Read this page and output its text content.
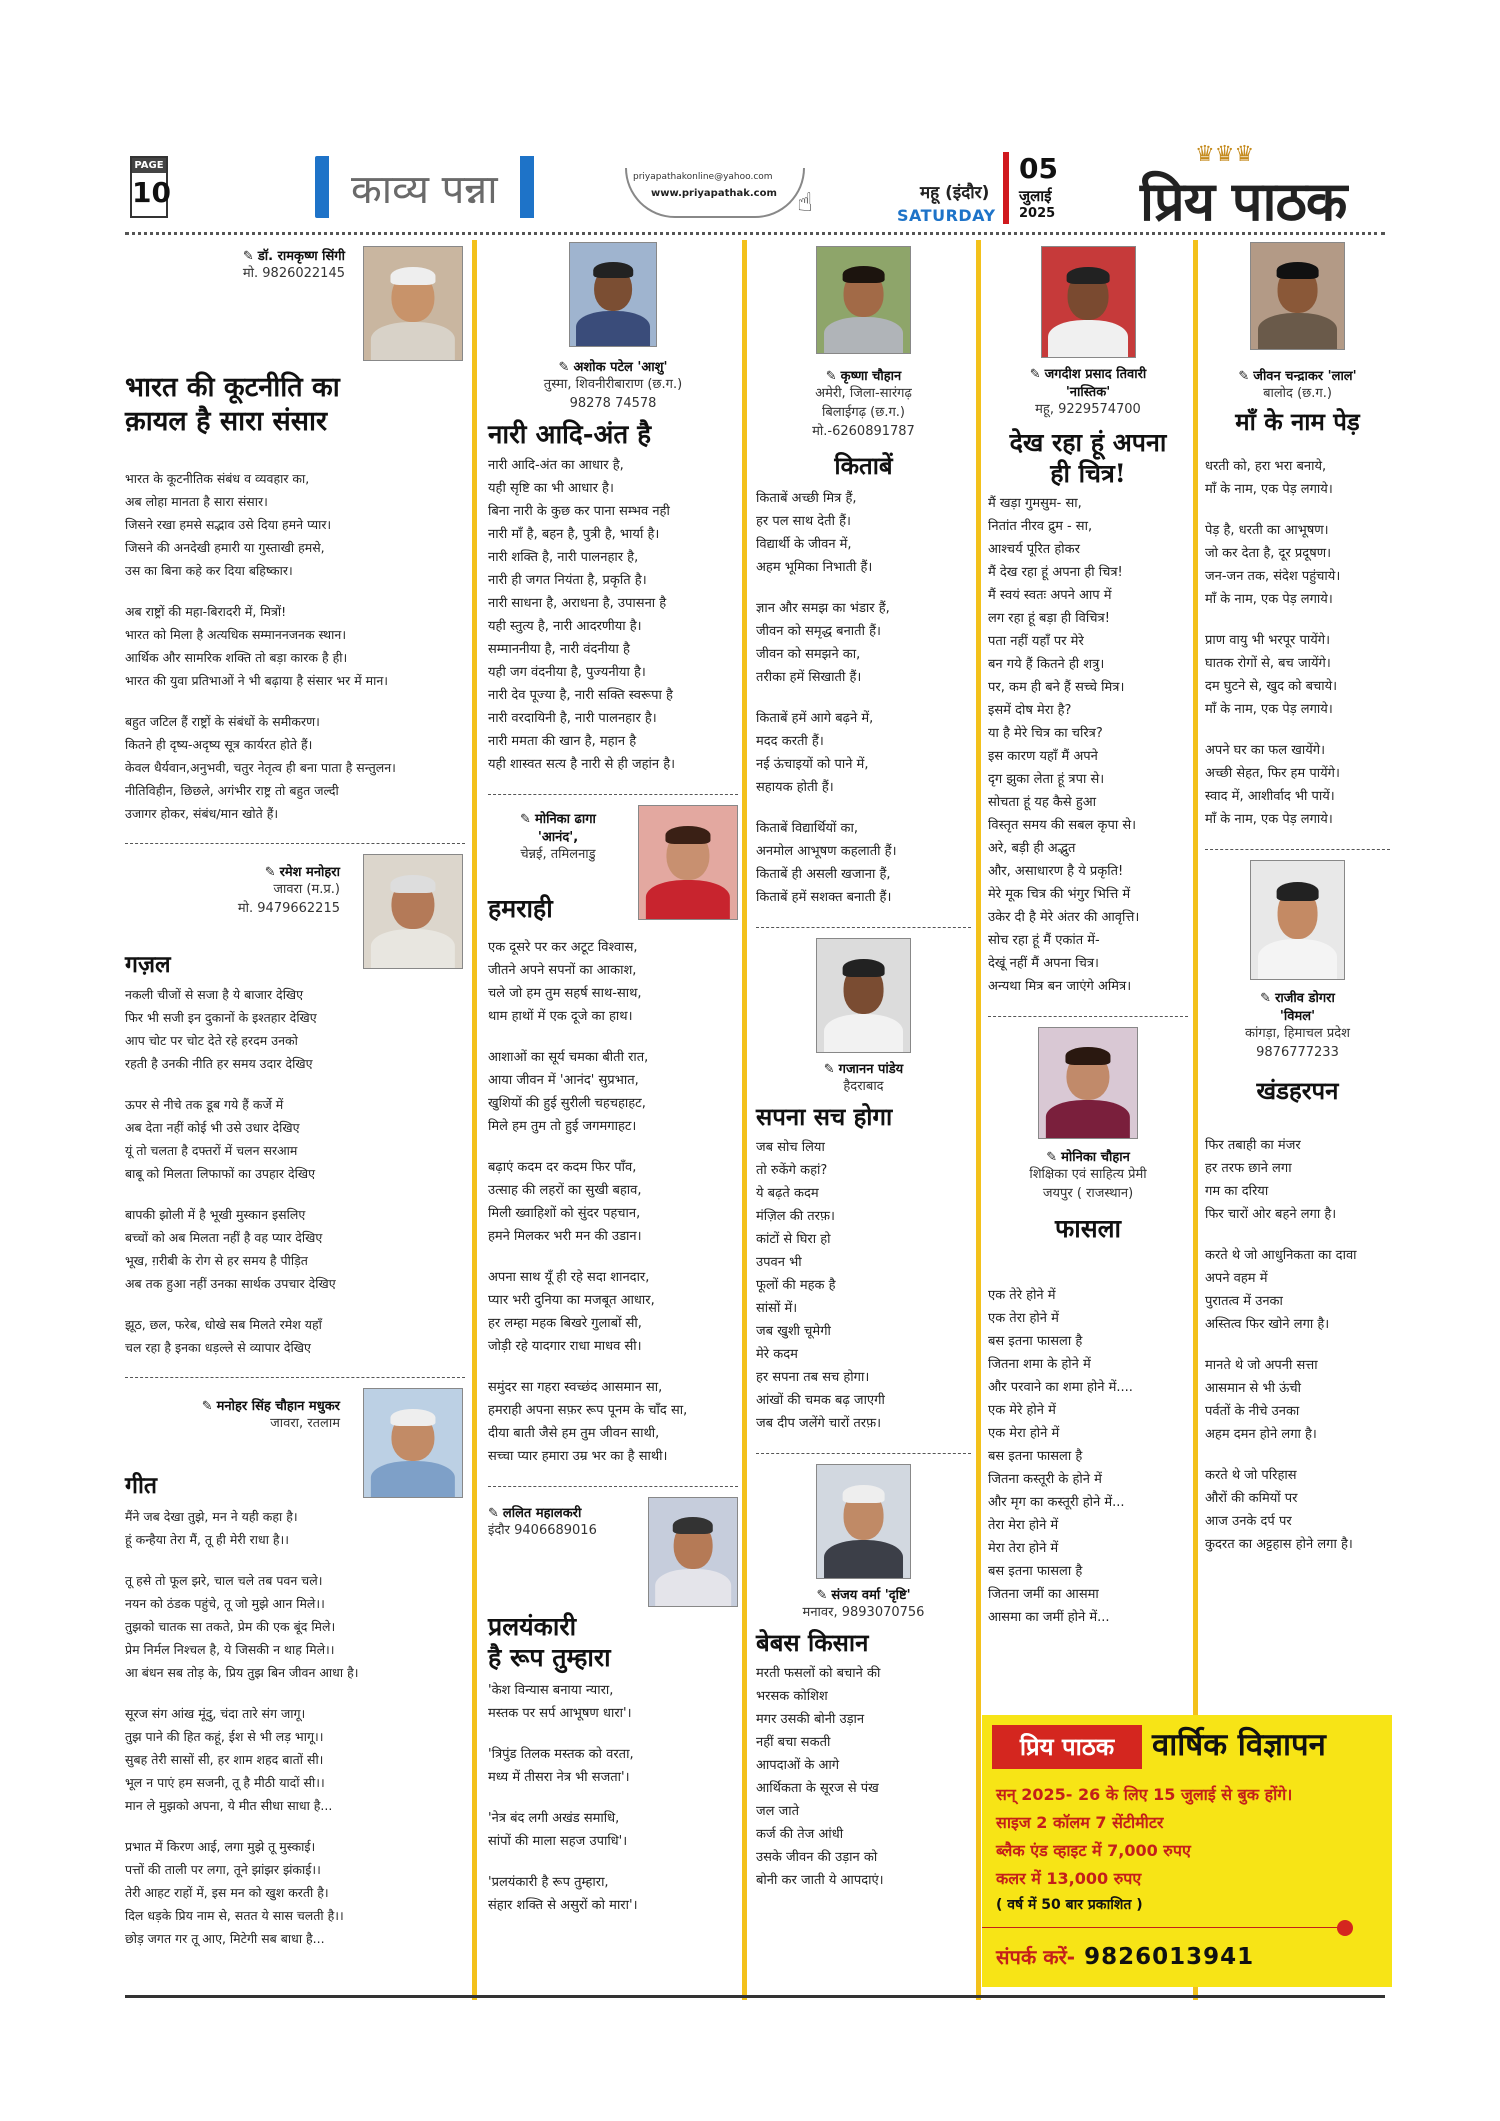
PAGE
10	काव्य पन्ना	priyapathakonline@yahoo.com
www.priyapathak.com ☝	महू (इंदौर)
SATURDAY
05
जुलाई
2025
♛♛♛
प्रिय पाठक
✎ डॉ. रामकृष्ण सिंगी
मो. 9826022145
भारत की कूटनीति का
क़ायल है सारा संसार
भारत के कूटनीतिक संबंध व व्यवहार का,
अब लोहा मानता है सारा संसार।
जिसने रखा हमसे सद्भाव उसे दिया हमने प्यार।
जिसने की अनदेखी हमारी या गुस्ताखी हमसे,
उस का बिना कहे कर दिया बहिष्कार।
अब राष्ट्रों की महा-बिरादरी में, मित्रों!
भारत को मिला है अत्यधिक सम्माननजनक स्थान।
आर्थिक और सामरिक शक्ति तो बड़ा कारक है ही।
भारत की युवा प्रतिभाओं ने भी बढ़ाया है संसार भर में मान।
बहुत जटिल हैं राष्ट्रों के संबंधों के समीकरण।
कितने ही दृष्य-अदृष्य सूत्र कार्यरत होते हैं।
केवल धैर्यवान,अनुभवी, चतुर नेतृत्व ही बना पाता है सन्तुलन।
नीतिविहीन, छिछले, अगंभीर राष्ट्र तो बहुत जल्दी
उजागर होकर, संबंध/मान खोते हैं।
✎ रमेश मनोहरा
जावरा (म.प्र.)
मो. 9479662215
गज़ल
नकली चीजों से सजा है ये बाजार देखिए
फिर भी सजी इन दुकानों के इश्तहार देखिए
आप चोट पर चोट देते रहे हरदम उनको
रहती है उनकी नीति हर समय उदार देखिए
ऊपर से नीचे तक डूब गये हैं कर्जे में
अब देता नहीं कोई भी उसे उधार देखिए
यूं तो चलता है दफ्तरों में चलन सरआम
बाबू को मिलता लिफाफों का उपहार देखिए
बापकी झोली में है भूखी मुस्कान इसलिए
बच्चों को अब मिलता नहीं है वह प्यार देखिए
भूख, ग़रीबी के रोग से हर समय है पीड़ित
अब तक हुआ नहीं उनका सार्थक उपचार देखिए
झूठ, छल, फरेब, धोखे सब मिलते रमेश यहाँ
चल रहा है इनका धड़ल्ले से व्यापार देखिए
✎ मनोहर सिंह चौहान मधुकर
जावरा, रतलाम
गीत
मैंने जब देखा तुझे, मन ने यही कहा है।
हूं कन्हैया तेरा मैं, तू ही मेरी राधा है।।
तू हसे तो फूल झरे, चाल चले तब पवन चले।
नयन को ठंडक पहुंचे, तू जो मुझे आन मिले।।
तुझको चातक सा तकते, प्रेम की एक बूंद मिले।
प्रेम निर्मल निश्चल है, ये जिसकी न थाह मिले।।
आ बंधन सब तोड़ के, प्रिय तुझ बिन जीवन आधा है।
सूरज संग आंख मूंदु, चंदा तारे संग जागू।
तुझ पाने की हित कहूं, ईश से भी लड़ भागू।।
सुबह तेरी सासों सी, हर शाम शहद बातों सी।
भूल न पाएं हम सजनी, तू है मीठी यादों सी।।
मान ले मुझको अपना, ये मीत सीधा साधा है...
प्रभात में किरण आई, लगा मुझे तू मुस्काई।
पत्तों की ताली पर लगा, तूने झांझर झंकाई।।
तेरी आहट राहों में, इस मन को खुश करती है।
दिल धड़के प्रिय नाम से, सतत ये सास चलती है।।
छोड़ जगत गर तू आए, मिटेगी सब बाधा है...
✎ अशोक पटेल 'आशु'
तुस्मा, शिवनीरीबाराण (छ.ग.)
98278 74578
नारी आदि-अंत है
नारी आदि-अंत का आधार है,
यही सृष्टि का भी आधार है।
बिना नारी के कुछ कर पाना सम्भव नही
नारी माँ है, बहन है, पुत्री है, भार्या है।
नारी शक्ति है, नारी पालनहार है,
नारी ही जगत नियंता है, प्रकृति है।
नारी साधना है, अराधना है, उपासना है
यही स्तुत्य है, नारी आदरणीया है।
सम्माननीया है, नारी वंदनीया है
यही जग वंदनीया है, पुज्यनीया है।
नारी देव पूज्या है, नारी सक्ति स्वरूपा है
नारी वरदायिनी है, नारी पालनहार है।
नारी ममता की खान है, महान है
यही शास्वत सत्य है नारी से ही जहांन है।
✎ मोनिका ढागा
'आनंद',
चेन्नई, तमिलनाडु
हमराही
एक दूसरे पर कर अटूट विश्वास,
जीतने अपने सपनों का आकाश,
चले जो हम तुम सहर्ष साथ-साथ,
थाम हाथों में एक दूजे का हाथ।
आशाओं का सूर्य चमका बीती रात,
आया जीवन में 'आनंद' सुप्रभात,
खुशियों की हुई सुरीली चहचहाहट,
मिले हम तुम तो हुई जगमगाहट।
बढ़ाएं कदम दर कदम फिर पाँव,
उत्साह की लहरों का सुखी बहाव,
मिली ख्वाहिशों को सुंदर पहचान,
हमने मिलकर भरी मन की उडान।
अपना साथ यूँ ही रहे सदा शानदार,
प्यार भरी दुनिया का मजबूत आधार,
हर लम्हा महक बिखरे गुलाबों सी,
जोड़ी रहे यादगार राधा माधव सी।
समुंदर सा गहरा स्वच्छंद आसमान सा,
हमराही अपना सफ़र रूप पूनम के चाँद सा,
दीया बाती जैसे हम तुम जीवन साथी,
सच्चा प्यार हमारा उम्र भर का है साथी।
✎ ललित महालकरी
इंदौर 9406689016
प्रलयंकारी
है रूप तुम्हारा
'केश विन्यास बनाया न्यारा,
मस्तक पर सर्प आभूषण धारा'।
'त्रिपुंड तिलक मस्तक को वरता,
मध्य में तीसरा नेत्र भी सजता'।
'नेत्र बंद लगी अखंड समाधि,
सांपों की माला सहज उपाधि'।
'प्रलयंकारी है रूप तुम्हारा,
संहार शक्ति से असुरों को मारा'।
✎ कृष्णा चौहान
अमेरी, जिला-सारंगढ़
बिलाईगढ़ (छ.ग.)
मो.-6260891787
किताबें
किताबें अच्छी मित्र हैं,
हर पल साथ देती हैं।
विद्यार्थी के जीवन में,
अहम भूमिका निभाती हैं।
ज्ञान और समझ का भंडार हैं,
जीवन को समृद्ध बनाती हैं।
जीवन को समझने का,
तरीका हमें सिखाती हैं।
किताबें हमें आगे बढ़ने में,
मदद करती हैं।
नई ऊंचाइयों को पाने में,
सहायक होती हैं।
किताबें विद्यार्थियों का,
अनमोल आभूषण कहलाती हैं।
किताबें ही असली खजाना हैं,
किताबें हमें सशक्त बनाती हैं।
✎ गजानन पांडेय
हैदराबाद
सपना सच होगा
जब सोच लिया
तो रुकेंगे कहां?
ये बढ़ते कदम
मंज़िल की तरफ़।
कांटों से घिरा हो
उपवन भी
फूलों की महक है
सांसों में।
जब खुशी चूमेगी
मेरे कदम
हर सपना तब सच होगा।
आंखों की चमक बढ़ जाएगी
जब दीप जलेंगे चारों तरफ़।
✎ संजय वर्मा 'दृष्टि'
मनावर, 9893070756
बेबस किसान
मरती फसलों को बचाने की
भरसक कोशिश
मगर उसकी बोनी उड़ान
नहीं बचा सकती
आपदाओं के आगे
आर्थिकता के सूरज से पंख
जल जाते
कर्ज की तेज आंधी
उसके जीवन की उड़ान को
बोनी कर जाती ये आपदाएं।
✎ जगदीश प्रसाद तिवारी
'नास्तिक'
महू, 9229574700
देख रहा हूं अपना
ही चित्र!
मैं खड़ा गुमसुम- सा,
नितांत नीरव द्रुम - सा,
आश्चर्य पूरित होकर
मैं देख रहा हूं अपना ही चित्र!
मैं स्वयं स्वतः अपने आप में
लग रहा हूं बड़ा ही विचित्र!
पता नहीं यहाँ पर मेरे
बन गये हैं कितने ही शत्रु।
पर, कम ही बने हैं सच्चे मित्र।
इसमें दोष मेरा है?
या है मेरे चित्र का चरित्र?
इस कारण यहाँ मैं अपने
दृग झुका लेता हूं त्रपा से।
सोचता हूं यह कैसे हुआ
विस्तृत समय की सबल कृपा से।
अरे, बड़ी ही अद्भुत
और, असाधारण है ये प्रकृति!
मेरे मूक चित्र की भंगुर भित्ति में
उकेर दी है मेरे अंतर की आवृत्ति।
सोच रहा हूं मैं एकांत में-
देखूं नहीं मैं अपना चित्र।
अन्यथा मित्र बन जाएंगे अमित्र।
✎ मोनिका चौहान
शिक्षिका एवं साहित्य प्रेमी
जयपुर ( राजस्थान)
फासला
एक तेरे होने में
एक तेरा होने में
बस इतना फासला है
जितना शमा के होने में
और परवाने का शमा होने में....
एक मेरे होने में
एक मेरा होने में
बस इतना फासला है
जितना कस्तूरी के होने में
और मृग का कस्तूरी होने में...
तेरा मेरा होने में
मेरा तेरा होने में
बस इतना फासला है
जितना जमीं का आसमा
आसमा का जमीं होने में...
✎ जीवन चन्द्राकर 'लाल'
बालोद (छ.ग.)
माँ के नाम पेड़
धरती को, हरा भरा बनाये,
माँ के नाम, एक पेड़ लगाये।
पेड़ है, धरती का आभूषण।
जो कर देता है, दूर प्रदूषण।
जन-जन तक, संदेश पहुंचाये।
माँ के नाम, एक पेड़ लगाये।
प्राण वायु भी भरपूर पायेंगे।
घातक रोगों से, बच जायेंगे।
दम घुटने से, खुद को बचाये।
माँ के नाम, एक पेड़ लगाये।
अपने घर का फल खायेंगे।
अच्छी सेहत, फिर हम पायेंगे।
स्वाद में, आशीर्वाद भी पायें।
माँ के नाम, एक पेड़ लगाये।
✎ राजीव डोगरा
'विमल'
कांगड़ा, हिमाचल प्रदेश
9876777233
खंडहरपन
फिर तबाही का मंजर
हर तरफ छाने लगा
गम का दरिया
फिर चारों ओर बहने लगा है।
करते थे जो आधुनिकता का दावा
अपने वहम में
पुरातत्व में उनका
अस्तित्व फिर खोने लगा है।
मानते थे जो अपनी सत्ता
आसमान से भी ऊंची
पर्वतों के नीचे उनका
अहम दमन होने लगा है।
करते थे जो परिहास
औरों की कमियों पर
आज उनके दर्प पर
कुदरत का अट्टहास होने लगा है।
प्रिय पाठक	वार्षिक विज्ञापन
सन् 2025- 26 के लिए 15 जुलाई से बुक होंगे।
साइज 2 कॉलम 7 सेंटीमीटर
ब्लैक एंड व्हाइट में 7,000 रुपए
कलर में 13,000 रुपए
( वर्ष में 50 बार प्रकाशित )
संपर्क करें- 9826013941
